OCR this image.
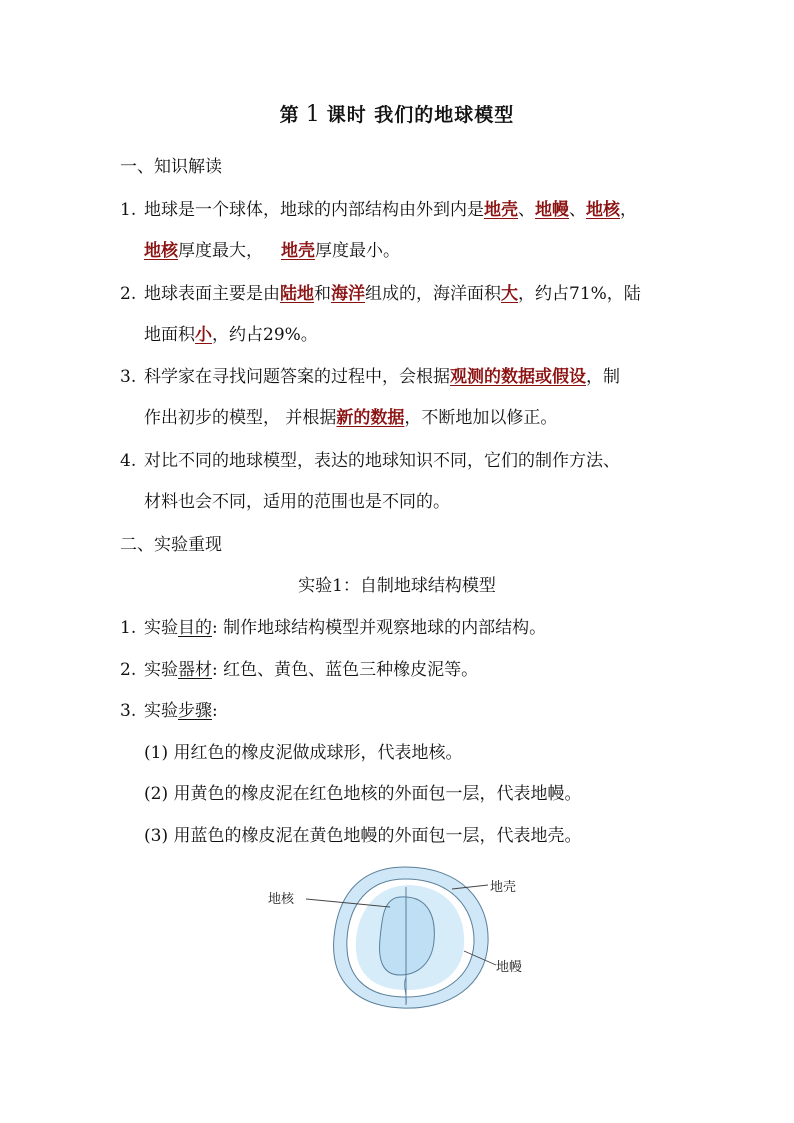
第 1 课时 我们的地球模型
一、知识解读
1. 地球是一个球体，地球的内部结构由外到内是地壳、地幔、地核，
地核厚度最大， 地壳厚度最小。
2. 地球表面主要是由陆地和海洋组成的，海洋面积大，约占71%，陆
地面积小，约占29%。
3. 科学家在寻找问题答案的过程中，会根据观测的数据或假设，制
作出初步的模型， 并根据新的数据，不断地加以修正。
4. 对比不同的地球模型，表达的地球知识不同，它们的制作方法、
材料也会不同，适用的范围也是不同的。
二、实验重现
实验1：自制地球结构模型
1. 实验目的: 制作地球结构模型并观察地球的内部结构。
2. 实验器材: 红色、黄色、蓝色三种橡皮泥等。
3. 实验步骤:
(1) 用红色的橡皮泥做成球形，代表地核。
(2) 用黄色的橡皮泥在红色地核的外面包一层，代表地幔。
(3) 用蓝色的橡皮泥在黄色地幔的外面包一层，代表地壳。
地核
地壳
地幔
